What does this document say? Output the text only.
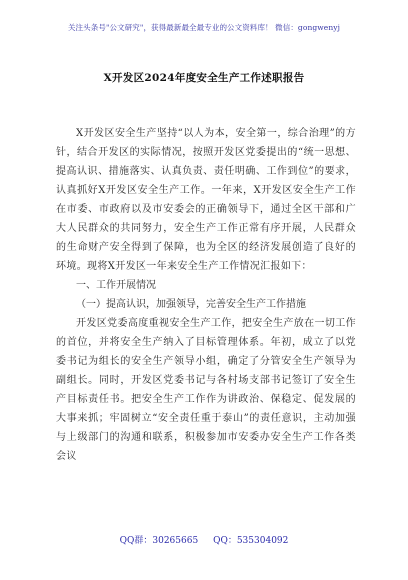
关注头条号"公文研究"，获得最新最全最专业的公文资料库！ 微信：gongwenyj
X开发区2024年度安全生产工作述职报告

X开发区安全生产坚持“以人为本，安全第一，综合治理”的方针，结合开发区的实际情况，按照开发区党委提出的“统一思想、提高认识、措施落实、认真负责、责任明确、工作到位”的要求，认真抓好X开发区安全生产工作。一年来，X开发区安全生产工作在市委、市政府以及市安委会的正确领导下，通过全区干部和广大人民群众的共同努力，安全生产工作正常有序开展，人民群众的生命财产安全得到了保障，也为全区的经济发展创造了良好的环境。现将X开发区一年来安全生产工作情况汇报如下：

一、工作开展情况

（一）提高认识，加强领导，完善安全生产工作措施

开发区党委高度重视安全生产工作，把安全生产放在一切工作的首位，并将安全生产纳入了目标管理体系。年初，成立了以党委书记为组长的安全生产领导小组，确定了分管安全生产领导为副组长。同时，开发区党委书记与各村场支部书记签订了安全生产目标责任书。把安全生产工作作为讲政治、保稳定、促发展的大事来抓；牢固树立“安全责任重于泰山”的责任意识，主动加强与上级部门的沟通和联系，积极参加市安委办安全生产工作各类会议

QQ群：30265665 QQ：535304092
